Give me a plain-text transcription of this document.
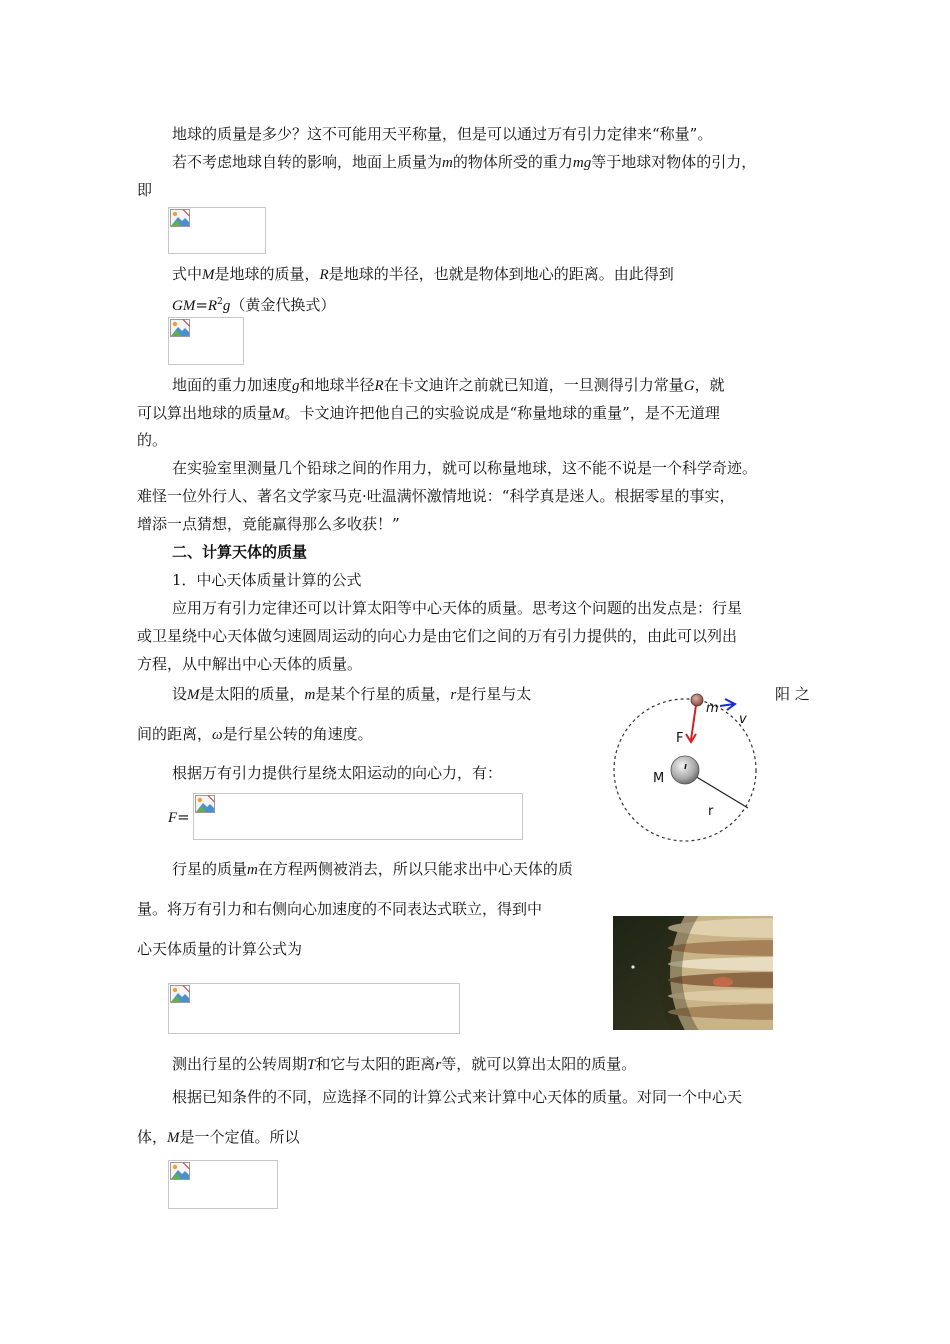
地球的质量是多少？这不可能用天平称量，但是可以通过万有引力定律来“称量”。
若不考虑地球自转的影响，地面上质量为m的物体所受的重力mg等于地球对物体的引力，
即
式中M是地球的质量，R是地球的半径，也就是物体到地心的距离。由此得到
$GM=R^2g$（黄金代换式）
地面的重力加速度g和地球半径R在卡文迪许之前就已知道，一旦测得引力常量G，就
可以算出地球的质量M。卡文迪许把他自己的实验说成是“称量地球的重量”，是不无道理
的。
在实验室里测量几个铅球之间的作用力，就可以称量地球，这不能不说是一个科学奇迹。
难怪一位外行人、著名文学家马克·吐温满怀激情地说：“科学真是迷人。根据零星的事实，
增添一点猜想，竟能赢得那么多收获！”
二、计算天体的质量
1．中心天体质量计算的公式
应用万有引力定律还可以计算太阳等中心天体的质量。思考这个问题的出发点是：行星
或卫星绕中心天体做匀速圆周运动的向心力是由它们之间的万有引力提供的，由此可以列出
方程，从中解出中心天体的质量。
设M是太阳的质量，m是某个行星的质量，r是行星与太	阳 之
间的距离，ω是行星公转的角速度。
根据万有引力提供行星绕太阳运动的向心力，有：
F=
行星的质量m在方程两侧被消去，所以只能求出中心天体的质
量。将万有引力和右侧向心加速度的不同表达式联立，得到中
心天体质量的计算公式为
测出行星的公转周期T和它与太阳的距离r等，就可以算出太阳的质量。
根据已知条件的不同，应选择不同的计算公式来计算中心天体的质量。对同一个中心天
体，M是一个定值。所以
m
v
F
M
r
